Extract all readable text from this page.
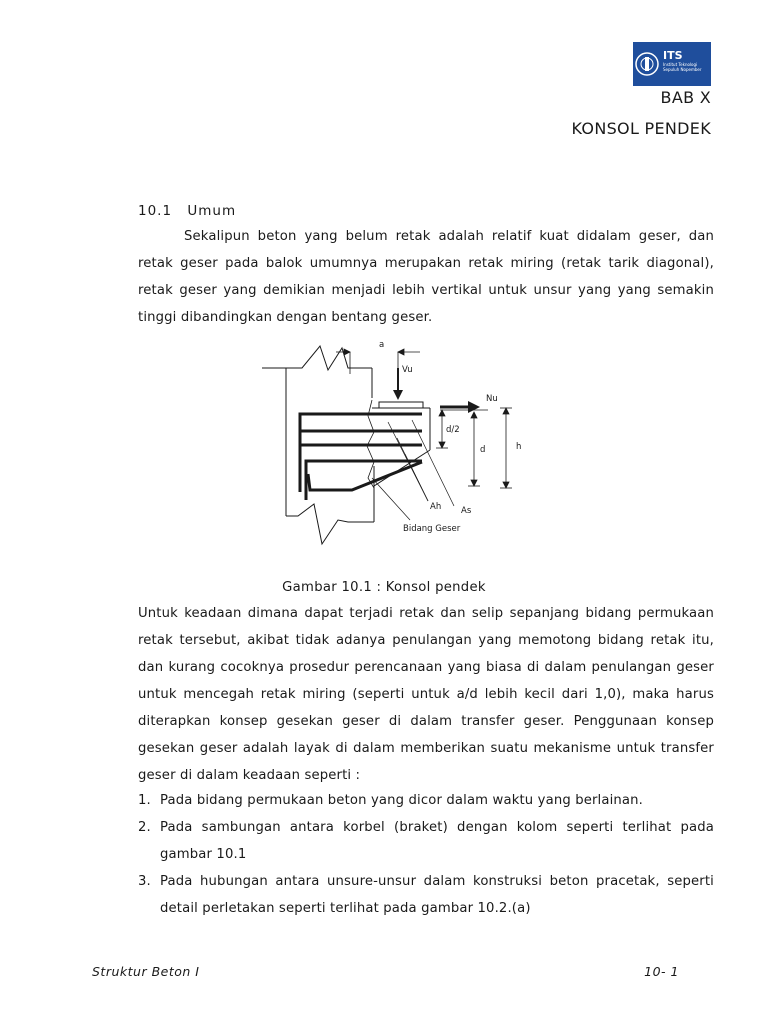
ITS
Institut Teknologi Sepuluh Nopember
BAB X
KONSOL PENDEK
10.1 Umum
Sekalipun beton yang belum retak adalah relatif kuat didalam geser, dan
retak geser pada balok umumnya merupakan retak miring (retak tarik diagonal),
retak geser yang demikian menjadi lebih vertikal untuk unsur yang yang semakin
tinggi dibandingkan dengan bentang geser.
a
Vu
Nu
d/2
d	h
Ah As
Bidang Geser
Gambar 10.1 : Konsol pendek
Untuk keadaan dimana dapat terjadi retak dan selip sepanjang bidang permukaan
retak tersebut, akibat tidak adanya penulangan yang memotong bidang retak itu,
dan kurang cocoknya prosedur perencanaan yang biasa di dalam penulangan geser
untuk mencegah retak miring (seperti untuk a/d lebih kecil dari 1,0), maka harus
diterapkan konsep gesekan geser di dalam transfer geser. Penggunaan konsep
gesekan geser adalah layak di dalam memberikan suatu mekanisme untuk transfer
geser di dalam keadaan seperti :
1. Pada bidang permukaan beton yang dicor dalam waktu yang berlainan.
2. Pada sambungan antara korbel (braket) dengan kolom seperti terlihat pada
gambar 10.1
3. Pada hubungan antara unsure-unsur dalam konstruksi beton pracetak, seperti
detail perletakan seperti terlihat pada gambar 10.2.(a)
Struktur Beton I	10- 1
